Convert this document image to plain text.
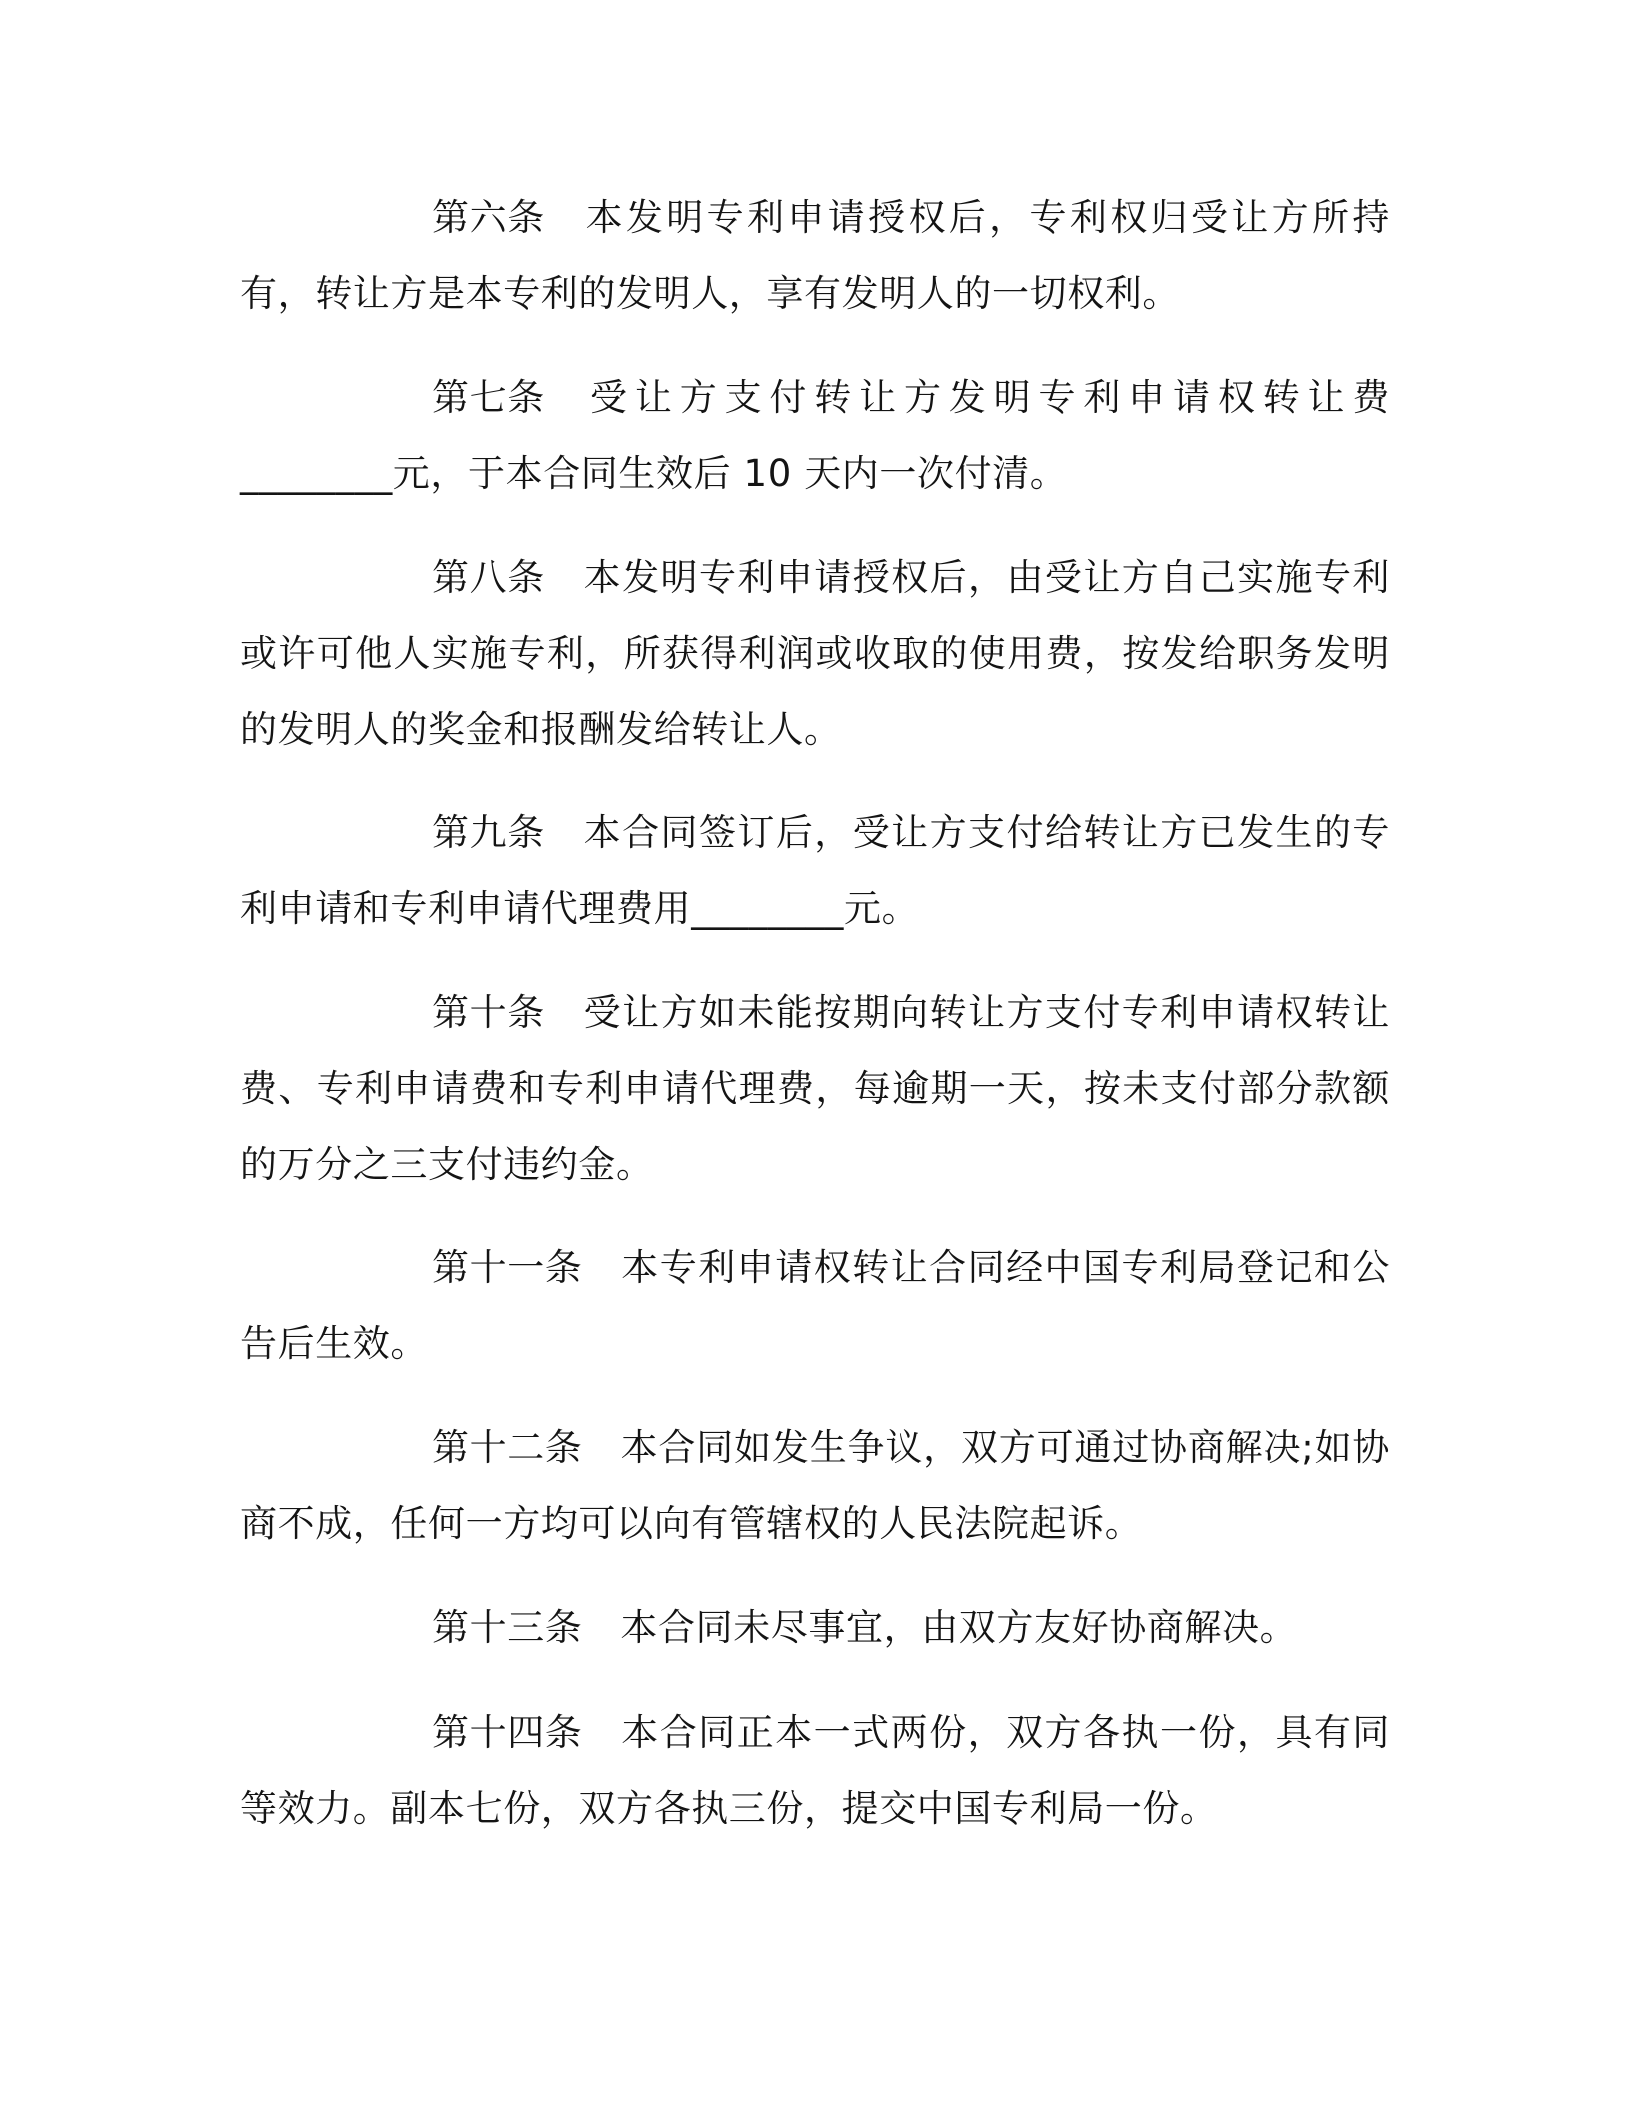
第六条 本发明专利申请授权后，专利权归受让方所持有，转让方是本专利的发明人，享有发明人的一切权利。

第七条 受让方支付转让方发明专利申请权转让费________元，于本合同生效后 10 天内一次付清。

第八条 本发明专利申请授权后，由受让方自己实施专利或许可他人实施专利，所获得利润或收取的使用费，按发给职务发明的发明人的奖金和报酬发给转让人。

第九条 本合同签订后，受让方支付给转让方已发生的专利申请和专利申请代理费用________元。

第十条 受让方如未能按期向转让方支付专利申请权转让费、专利申请费和专利申请代理费，每逾期一天，按未支付部分款额的万分之三支付违约金。

第十一条 本专利申请权转让合同经中国专利局登记和公告后生效。

第十二条 本合同如发生争议，双方可通过协商解决;如协商不成，任何一方均可以向有管辖权的人民法院起诉。

第十三条 本合同未尽事宜，由双方友好协商解决。

第十四条 本合同正本一式两份，双方各执一份，具有同等效力。副本七份，双方各执三份，提交中国专利局一份。
